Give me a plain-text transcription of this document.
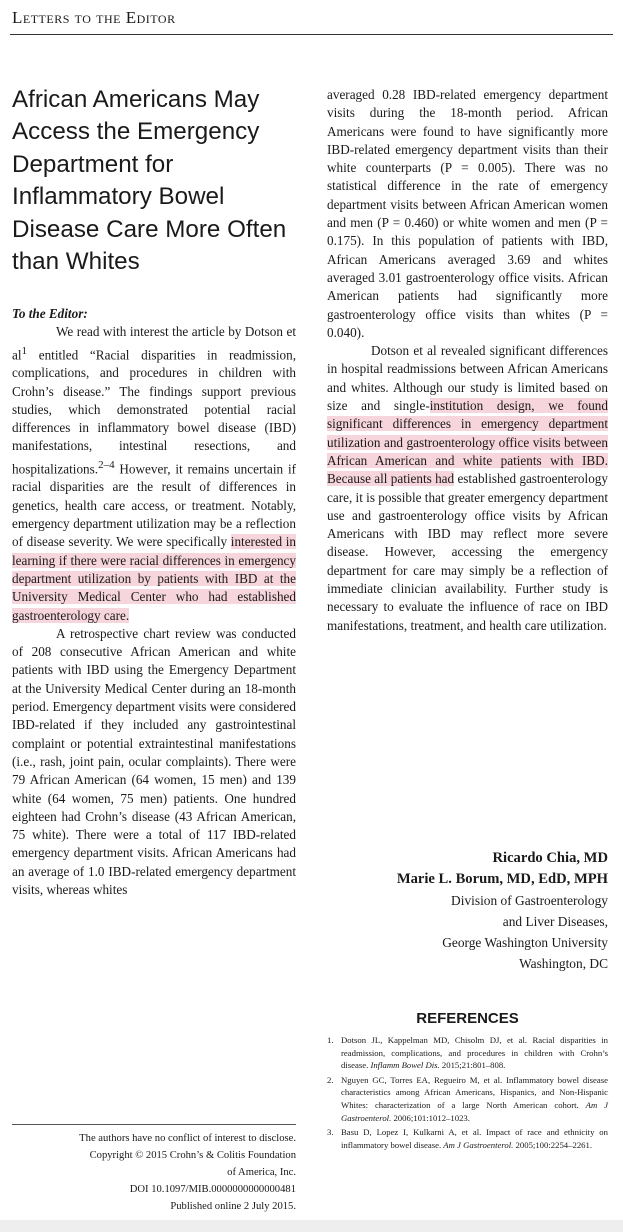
Letters to the Editor
African Americans May
Access the Emergency
Department for
Inflammatory Bowel
Disease Care More Often
than Whites
To the Editor:

We read with interest the article by Dotson et $al^1$ entitled “Racial disparities in readmission, complications, and procedures in children with Crohn’s disease.” The findings support previous studies, which demonstrated potential racial differences in inflammatory bowel disease (IBD) manifestations, intestinal resections, and hospitalizations.$^{2-4}$ However, it remains uncertain if racial disparities are the result of differences in genetics, health care access, or treatment. Notably, emergency department utilization may be a reflection of disease severity. We were specifically interested in learning if there were racial differences in emergency department utilization by patients with IBD at the University Medical Center who had established gastroenterology care.

A retrospective chart review was conducted of 208 consecutive African American and white patients with IBD using the Emergency Department at the University Medical Center during an 18-month period. Emergency department visits were considered IBD-related if they included any gastrointestinal complaint or potential extraintestinal manifestations (i.e., rash, joint pain, ocular complaints). There were 79 African American (64 women, 15 men) and 139 white (64 women, 75 men) patients. One hundred eighteen had Crohn’s disease (43 African American, 75 white). There were a total of 117 IBD-related emergency department visits. African Americans had an average of 1.0 IBD-related emergency department visits, whereas whites

averaged 0.28 IBD-related emergency department visits during the 18-month period. African Americans were found to have significantly more IBD-related emergency department visits than their white counterparts (P = 0.005). There was no statistical difference in the rate of emergency department visits between African American women and men (P = 0.460) or white women and men (P = 0.175). In this population of patients with IBD, African Americans averaged 3.69 and whites averaged 3.01 gastroenterology office visits. African American patients had significantly more gastroenterology office visits than whites (P = 0.040).

Dotson et al revealed significant differences in hospital readmissions between African Americans and whites. Although our study is limited based on size and single-institution design, we found significant differences in emergency department utilization and gastroenterology office visits between African American and white patients with IBD. Because all patients had established gastroenterology care, it is possible that greater emergency department use and gastroenterology office visits by African Americans with IBD may reflect more severe disease. However, accessing the emergency department for care may simply be a reflection of immediate clinician availability. Further study is necessary to evaluate the influence of race on IBD manifestations, treatment, and health care utilization.

Ricardo Chia, MD
Marie L. Borum, MD, EdD, MPH
Division of Gastroenterology
and Liver Diseases,
George Washington University
Washington, DC
The authors have no conflict of interest to disclose.
Copyright © 2015 Crohn’s & Colitis Foundation
of America, Inc.
DOI 10.1097/MIB.0000000000000481
Published online 2 July 2015.
REFERENCES
1. Dotson JL, Kappelman MD, Chisolm DJ, et al. Racial disparities in readmission, complications, and procedures in children with Crohn’s disease. Inflamm Bowel Dis. 2015;21:801–808.
2. Nguyen GC, Torres EA, Regueiro M, et al. Inflammatory bowel disease characteristics among African Americans, Hispanics, and Non-Hispanic Whites: characterization of a large North American cohort. Am J Gastroenterol. 2006;101:1012–1023.
3. Basu D, Lopez I, Kulkarni A, et al. Impact of race and ethnicity on inflammatory bowel disease. Am J Gastroenterol. 2005;100:2254–2261.
